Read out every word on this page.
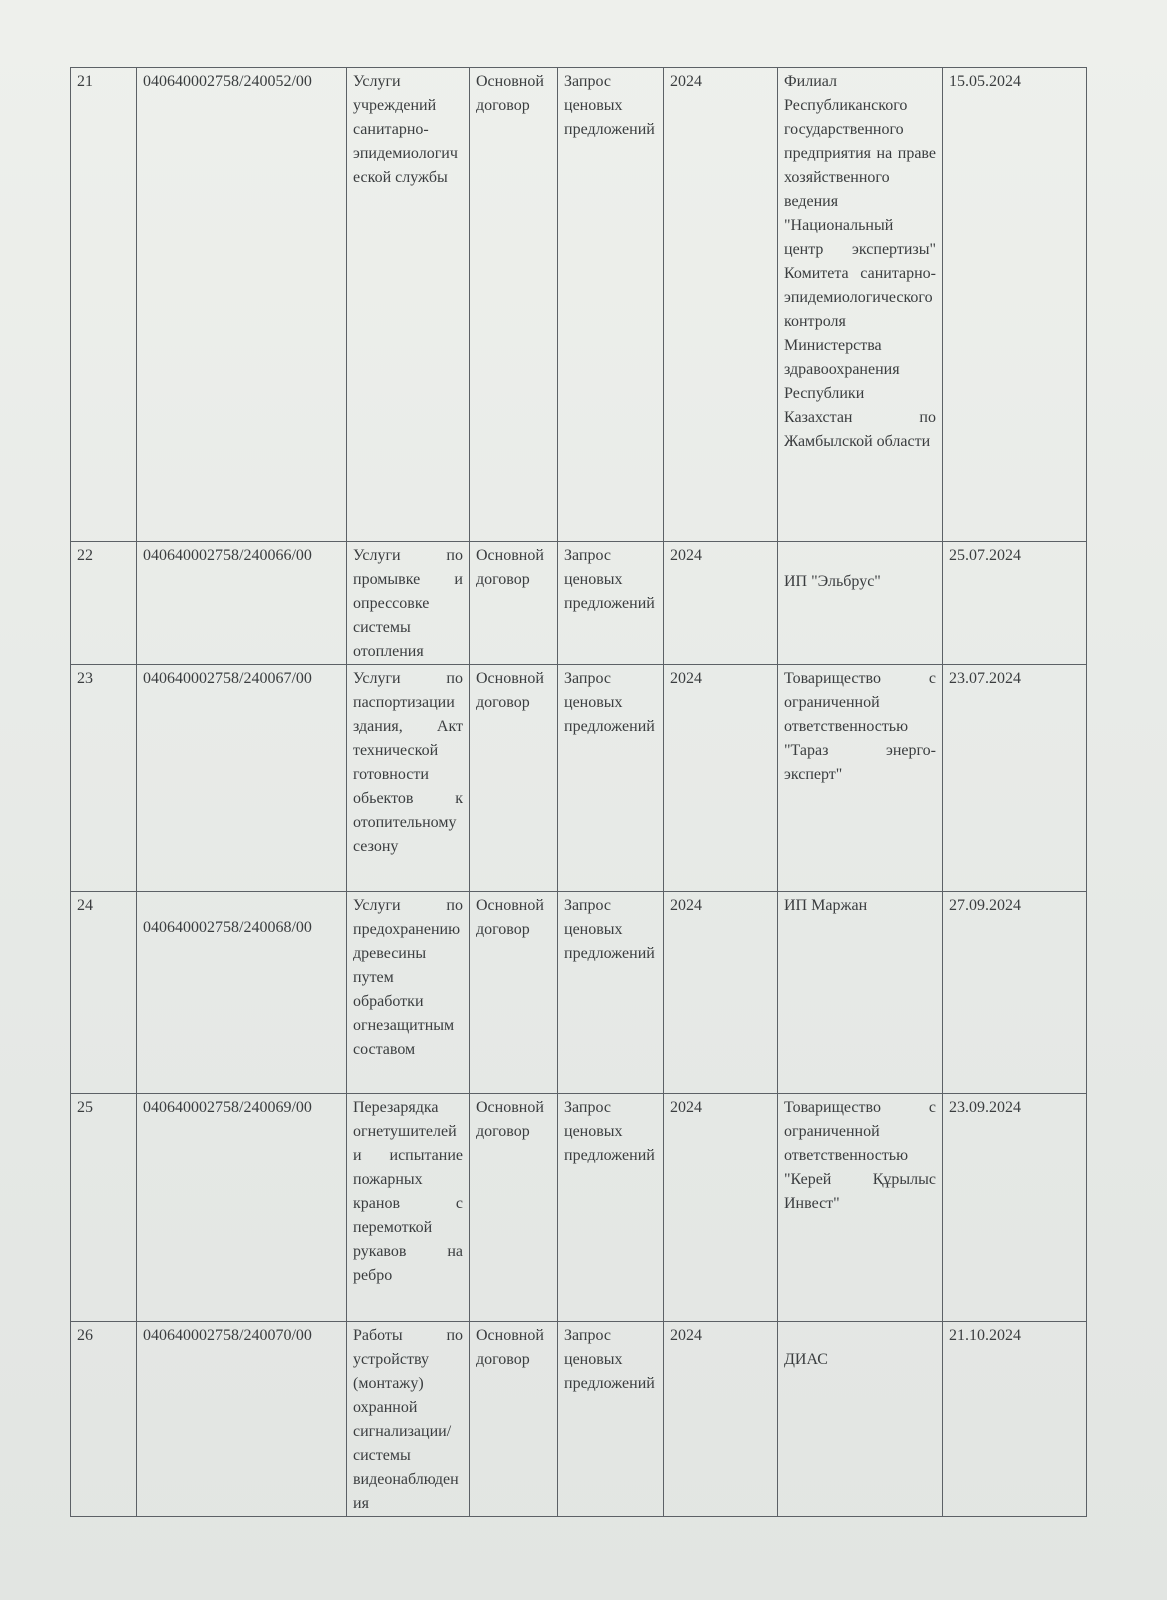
21	040640002758/240052/00	Услуги учреждений санитарно-эпидемиологической службы	Основной договор	Запрос ценовых предложений	2024	Филиал Республиканского государственного предприятия на праве хозяйственного ведения "Национальный центр экспертизы" Комитета санитарно-эпидемиологического контроля Министерства здравоохранения Республики Казахстан по Жамбылской области	15.05.2024
22	040640002758/240066/00	Услуги по промывке и опрессовке системы отопления	Основной договор	Запрос ценовых предложений	2024	ИП "Эльбрус"	25.07.2024
23	040640002758/240067/00	Услуги по паспортизации здания, Акт технической готовности обьектов к отопительному сезону	Основной договор	Запрос ценовых предложений	2024	Товарищество с ограниченной ответственностью "Тараз энерго-эксперт"	23.07.2024
24	040640002758/240068/00	Услуги по предохранению древесины путем обработки огнезащитным составом	Основной договор	Запрос ценовых предложений	2024	ИП Маржан	27.09.2024
25	040640002758/240069/00	Перезарядка огнетушителей и испытание пожарных кранов с перемоткой рукавов на ребро	Основной договор	Запрос ценовых предложений	2024	Товарищество с ограниченной ответственностью "Керей Құрылыс Инвест"	23.09.2024
26	040640002758/240070/00	Работы по устройству (монтажу) охранной сигнализации/системы видеонаблюдения	Основной договор	Запрос ценовых предложений	2024	ДИАС	21.10.2024
